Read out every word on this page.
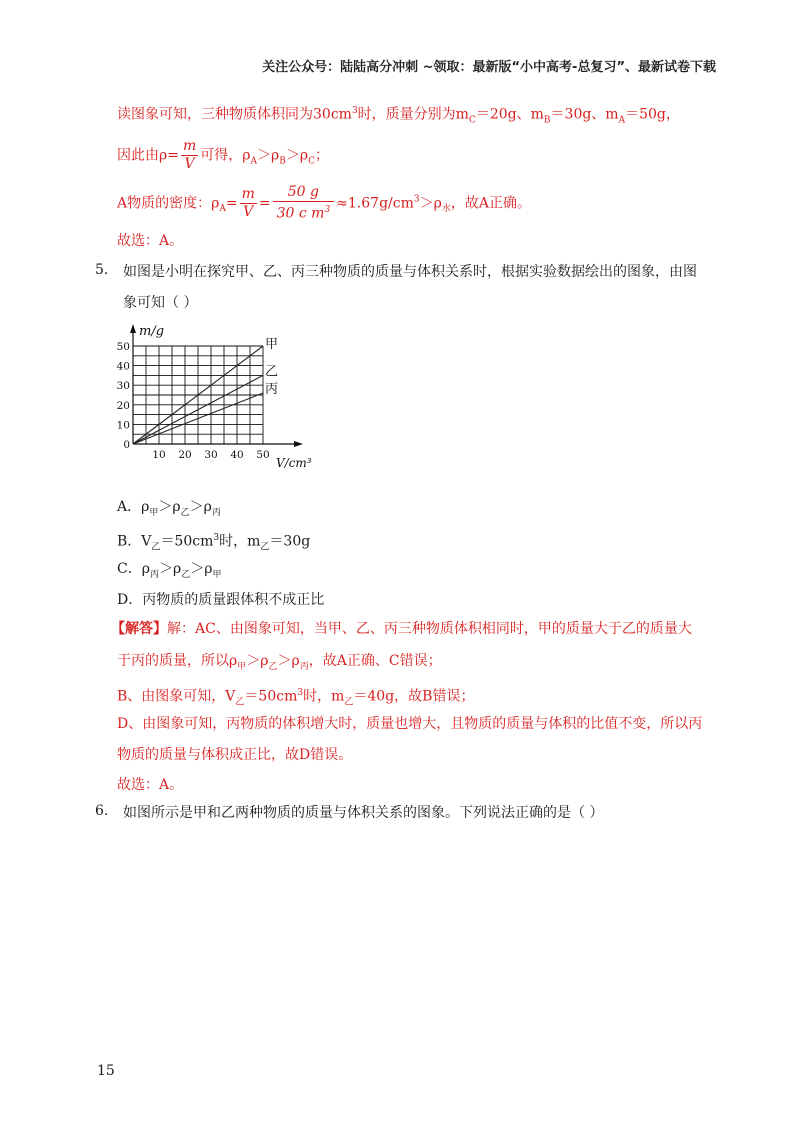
关注公众号：陆陆高分冲刺 ~领取：最新版“小中高考-总复习”、最新试卷下载
读图象可知，三种物质体积同为$30cm^3$时，质量分别为$m_C=20g$、$m_B=30g$、$m_A=50g$，
因此由$\rho= \frac{m}{V}$ 可得，$\rho_A>\rho_B>\rho_C$；
A物质的密度：$\rho_A= \frac{m}{V} = \frac{50 g}{30 c m^3} \approx 1.67g/cm^3>\rho_水$，故A正确。
故选：A。
5. 如图是小明在探究甲、乙、丙三种物质的质量与体积关系时，根据实验数据绘出的图象，由图
象可知（ ）
m/g
V/cm³
10 20 30 40 50
0
10
20
30
40
50	甲
乙
丙
A．$\rho_甲>\rho_乙>\rho_丙$
B．$V_乙=50cm^3$时，$m_乙=30g$
C．$\rho_丙>\rho_乙>\rho_甲$
D．丙物质的质量跟体积不成正比
【解答】解：AC、由图象可知，当甲、乙、丙三种物质体积相同时，甲的质量大于乙的质量大
于丙的质量，所以$\rho_甲>\rho_乙>\rho_丙$，故A正确、C错误；
B、由图象可知，$V_乙=50cm^3$时，$m_乙=40g$，故B错误；
D、由图象可知，丙物质的体积增大时，质量也增大，且物质的质量与体积的比值不变，所以丙
物质的质量与体积成正比，故D错误。
故选：A。
6. 如图所示是甲和乙两种物质的质量与体积关系的图象。下列说法正确的是（ ）
15
